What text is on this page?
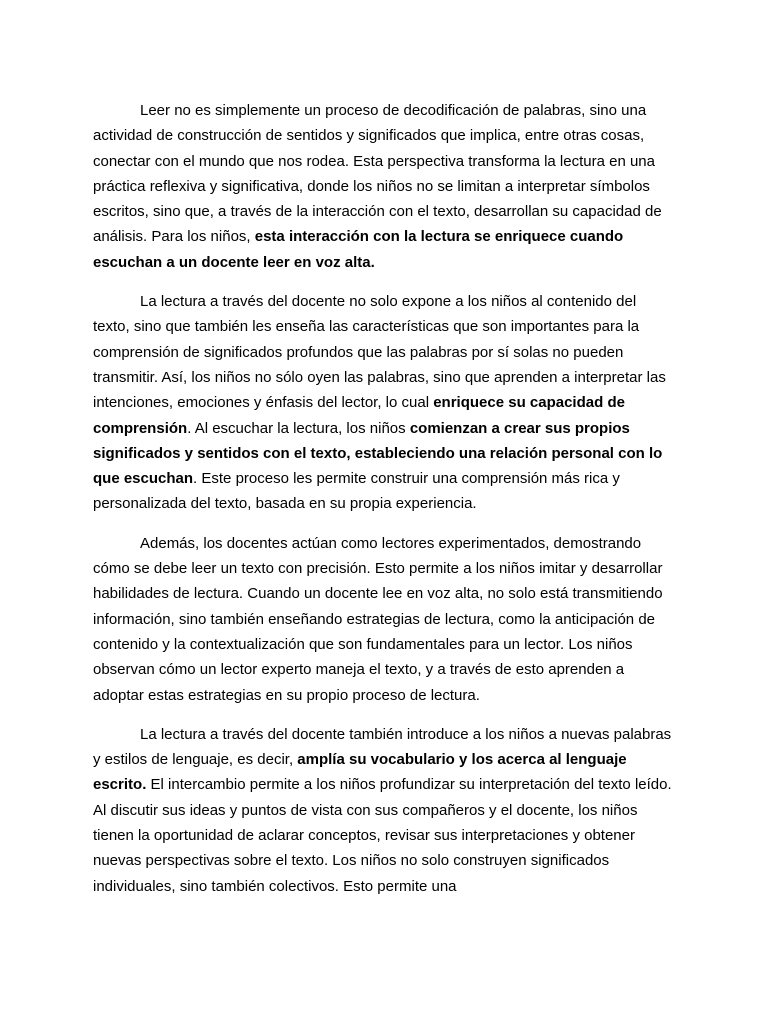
Leer no es simplemente un proceso de decodificación de palabras, sino una actividad de construcción de sentidos y significados que implica, entre otras cosas, conectar con el mundo que nos rodea. Esta perspectiva transforma la lectura en una práctica reflexiva y significativa, donde los niños no se limitan a interpretar símbolos escritos, sino que, a través de la interacción con el texto, desarrollan su capacidad de análisis. Para los niños, esta interacción con la lectura se enriquece cuando escuchan a un docente leer en voz alta.

La lectura a través del docente no solo expone a los niños al contenido del texto, sino que también les enseña las características que son importantes para la comprensión de significados profundos que las palabras por sí solas no pueden transmitir. Así, los niños no sólo oyen las palabras, sino que aprenden a interpretar las intenciones, emociones y énfasis del lector, lo cual enriquece su capacidad de comprensión. Al escuchar la lectura, los niños comienzan a crear sus propios significados y sentidos con el texto, estableciendo una relación personal con lo que escuchan. Este proceso les permite construir una comprensión más rica y personalizada del texto, basada en su propia experiencia.

Además, los docentes actúan como lectores experimentados, demostrando cómo se debe leer un texto con precisión. Esto permite a los niños imitar y desarrollar habilidades de lectura. Cuando un docente lee en voz alta, no solo está transmitiendo información, sino también enseñando estrategias de lectura, como la anticipación de contenido y la contextualización que son fundamentales para un lector. Los niños observan cómo un lector experto maneja el texto, y a través de esto aprenden a adoptar estas estrategias en su propio proceso de lectura.

La lectura a través del docente también introduce a los niños a nuevas palabras y estilos de lenguaje, es decir, amplía su vocabulario y los acerca al lenguaje escrito. El intercambio permite a los niños profundizar su interpretación del texto leído. Al discutir sus ideas y puntos de vista con sus compañeros y el docente, los niños tienen la oportunidad de aclarar conceptos, revisar sus interpretaciones y obtener nuevas perspectivas sobre el texto. Los niños no solo construyen significados individuales, sino también colectivos. Esto permite una
